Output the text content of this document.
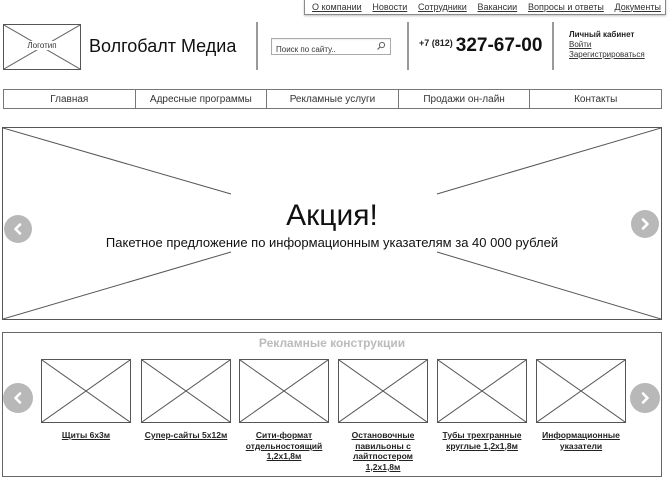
О компании Новости Сотрудники Вакансии Вопросы и ответы Документы
Логотип	Волгобалт Медиа
Поиск по сайту..	$^{+7 (812)}$ 327-67-00
Личный кабинет
Войти
Зарегистрироваться
Главная	Адресные программы	Рекламные услуги	Продажи он-лайн	Контакты
Акция!
Пакетное предложение по информационным указателям за 40 000 рублей
Рекламные конструкции
Щиты 6х3м	Супер-сайты 5х12м	Сити-формат отдельностоящий 1,2х1,8м
Остановочные павильоны с лайтпостером 1,2х1,8м
Тубы трехгранные круглые 1,2х1,8м
Информационные указатели
